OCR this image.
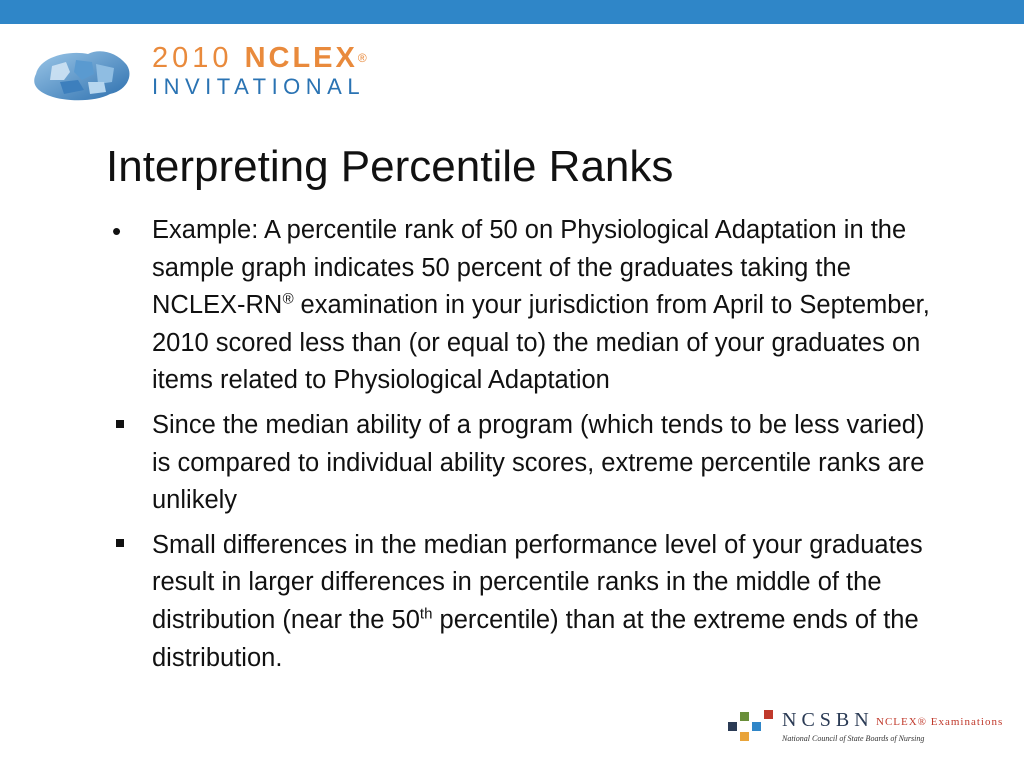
2010 NCLEX®
INVITATIONAL
Interpreting Percentile Ranks
•
Example: A percentile rank of 50 on Physiological Adaptation in the sample graph indicates 50 percent of the graduates taking the NCLEX-RN® examination in your jurisdiction from April to September, 2010 scored less than (or equal to) the median of your graduates on items related to Physiological Adaptation
Since the median ability of a program (which tends to be less varied) is compared to individual ability scores, extreme percentile ranks are unlikely
Small differences in the median performance level of your graduates result in larger differences in percentile ranks in the middle of the distribution (near the 50th percentile) than at the extreme ends of the distribution.
NCSBN NCLEX® Examinations
National Council of State Boards of Nursing
